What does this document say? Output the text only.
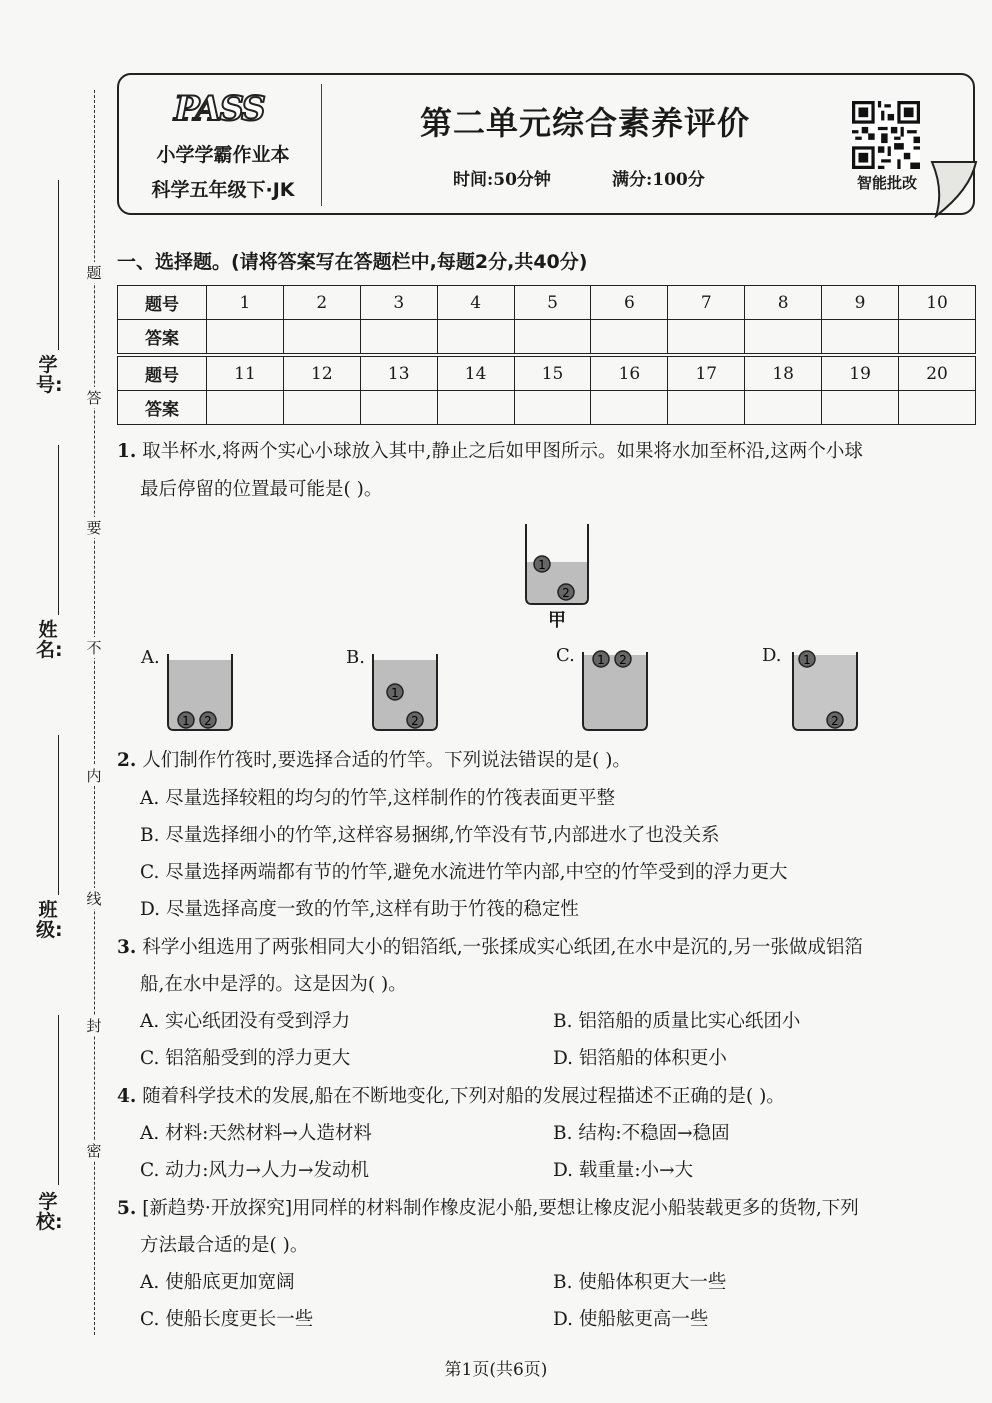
学号:
姓名:
班级:
学校:
题
答
要
不
内
线
封
密
PASS
小学学霸作业本
科学五年级下·JK
第二单元综合素养评价
时间:50分钟	满分:100分	智能批改
一、选择题。(请将答案写在答题栏中,每题2分,共40分)
题号	1	2	3	4	5	6	7	8	9	10
答案										
题号	11	12	13	14	15	16	17	18	19	20
答案										
1. 取半杯水,将两个实心小球放入其中,静止之后如甲图所示。如果将水加至杯沿,这两个小球
最后停留的位置最可能是( )。
1
2
甲
A.
1 2
B.
1
2
C. 1 2	D. 1
2
2. 人们制作竹筏时,要选择合适的竹竿。下列说法错误的是( )。
A. 尽量选择较粗的均匀的竹竿,这样制作的竹筏表面更平整
B. 尽量选择细小的竹竿,这样容易捆绑,竹竿没有节,内部进水了也没关系
C. 尽量选择两端都有节的竹竿,避免水流进竹竿内部,中空的竹竿受到的浮力更大
D. 尽量选择高度一致的竹竿,这样有助于竹筏的稳定性
3. 科学小组选用了两张相同大小的铝箔纸,一张揉成实心纸团,在水中是沉的,另一张做成铝箔
船,在水中是浮的。这是因为( )。
A. 实心纸团没有受到浮力	B. 铝箔船的质量比实心纸团小
C. 铝箔船受到的浮力更大	D. 铝箔船的体积更小
4. 随着科学技术的发展,船在不断地变化,下列对船的发展过程描述不正确的是( )。
A. 材料:天然材料→人造材料	B. 结构:不稳固→稳固
C. 动力:风力→人力→发动机	D. 载重量:小→大
5. [新趋势·开放探究]用同样的材料制作橡皮泥小船,要想让橡皮泥小船装载更多的货物,下列
方法最合适的是( )。
A. 使船底更加宽阔	B. 使船体积更大一些
C. 使船长度更长一些	D. 使船舷更高一些
第1页(共6页)
